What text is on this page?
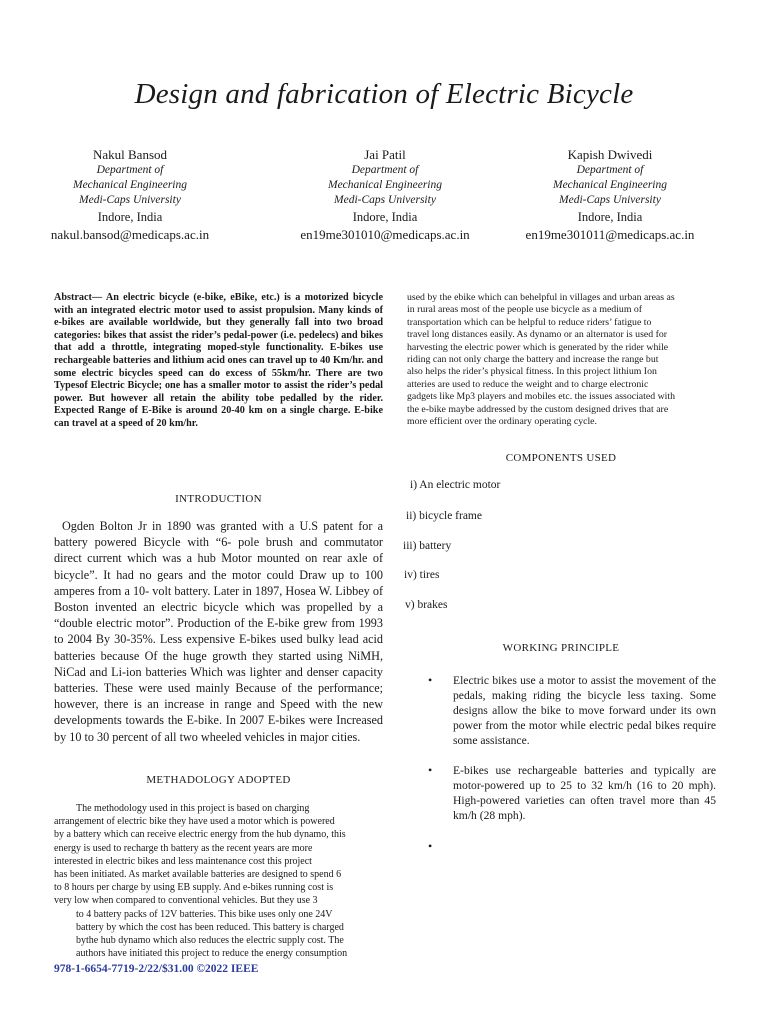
Design and fabrication of Electric Bicycle
Nakul Bansod
Department of
Mechanical Engineering
Medi-Caps University
Indore, India
nakul.bansod@medicaps.ac.in
Jai Patil
Department of
Mechanical Engineering
Medi-Caps University
Indore, India
en19me301010@medicaps.ac.in
Kapish Dwivedi
Department of
Mechanical Engineering
Medi-Caps University
Indore, India
en19me301011@medicaps.ac.in
Abstract— An electric bicycle (e-bike, eBike, etc.) is a motorized bicycle with an integrated electric motor used to assist propulsion. Many kinds of e-bikes are available worldwide, but they generally fall into two broad categories: bikes that assist the rider’s pedal-power (i.e. pedelecs) and bikes that add a throttle, integrating moped-style functionality. E-bikes use rechargeable batteries and lithium acid ones can travel up to 40 Km/hr. and some electric bicycles speed can do excess of 55km/hr. There are two Typesof Electric Bicycle; one has a smaller motor to assist the rider’s pedal power. But however all retain the ability tobe pedalled by the rider. Expected Range of E-Bike is around 20-40 km on a single charge. E-bike can travel at a speed of 20 km/hr.
INTRODUCTION
Ogden Bolton Jr in 1890 was granted with a U.S patent for a battery powered Bicycle with “6- pole brush and commutator direct current which was a hub Motor mounted on rear axle of bicycle”. It had no gears and the motor could Draw up to 100 amperes from a 10- volt battery. Later in 1897, Hosea W. Libbey of Boston invented an electric bicycle which was propelled by a “double electric motor”. Production of the E-bike grew from 1993 to 2004 By 30-35%. Less expensive E-bikes used bulky lead acid batteries because Of the huge growth they started using NiMH, NiCad and Li-ion batteries Which was lighter and denser capacity batteries. These were used mainly Because of the performance; however, there is an increase in range and Speed with the new developments towards the E-bike. In 2007 E-bikes were Increased by 10 to 30 percent of all two wheeled vehicles in major cities.
METHADOLOGY ADOPTED
The methodology used in this project is based on charging
arrangement of electric bike they have used a motor which is powered
by a battery which can receive electric energy from the hub dynamo, this
energy is used to recharge th battery as the recent years are more
interested in electric bikes and less maintenance cost this project
has been initiated. As market available batteries are designed to spend 6
to 8 hours per charge by using EB supply. And e-bikes running cost is
very low when compared to conventional vehicles. But they use 3
to 4 battery packs of 12V batteries. This bike uses only one 24V
battery by which the cost has been reduced. This battery is charged
bythe hub dynamo which also reduces the electric supply cost. The
authors have initiated this project to reduce the energy consumption
used by the ebike which can behelpful in villages and urban areas as
in rural areas most of the people use bicycle as a medium of
transportation which can be helpful to reduce riders’ fatigue to
travel long distances easily. As dynamo or an alternator is used for
harvesting the electric power which is generated by the rider while
riding can not only charge the battery and increase the range but
also helps the rider’s physical fitness. In this project lithium Ion
atteries are used to reduce the weight and to charge electronic
gadgets like Mp3 players and mobiles etc. the issues associated with
the e-bike maybe addressed by the custom designed drives that are
more efficient over the ordinary operating cycle.
COMPONENTS USED
i) An electric motor
ii) bicycle frame
iii) battery
iv) tires
v) brakes
WORKING PRINCIPLE
• Electric bikes use a motor to assist the movement of the pedals, making riding the bicycle less taxing. Some designs allow the bike to move forward under its own power from the motor while electric pedal bikes require some assistance.
• E-bikes use rechargeable batteries and typically are motor-powered up to 25 to 32 km/h (16 to 20 mph). High-powered varieties can often travel more than 45 km/h (28 mph).
•
978-1-6654-7719-2/22/$31.00 ©2022 IEEE
